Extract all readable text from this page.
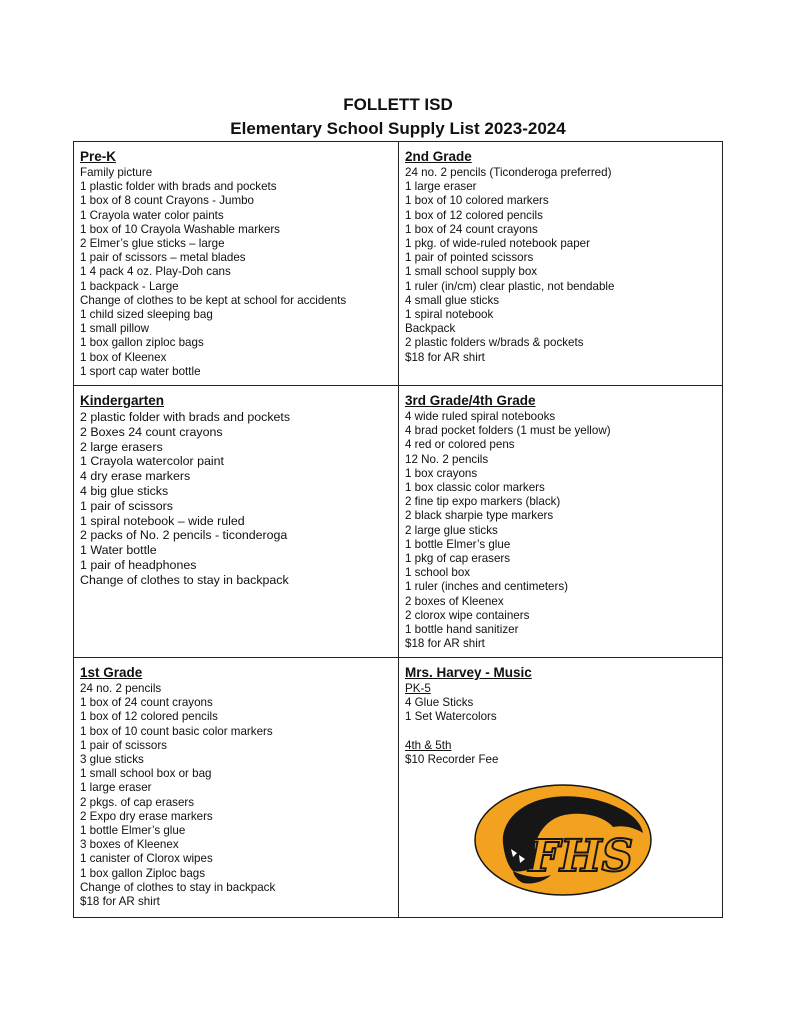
FOLLETT ISD
Elementary School Supply List 2023-2024
Pre-K
Family picture
1 plastic folder with brads and pockets
1 box of 8 count Crayons - Jumbo
1 Crayola water color paints
1 box of 10 Crayola Washable markers
2 Elmer’s glue sticks – large
1 pair of scissors – metal blades
1 4 pack 4 oz. Play-Doh cans
1 backpack - Large
Change of clothes to be kept at school for accidents
1 child sized sleeping bag
1 small pillow
1 box gallon ziploc bags
1 box of Kleenex
1 sport cap water bottle
2nd Grade
24 no. 2 pencils (Ticonderoga preferred)
1 large eraser
1 box of 10 colored markers
1 box of 12 colored pencils
1 box of 24 count crayons
1 pkg. of wide-ruled notebook paper
1 pair of pointed scissors
1 small school supply box
1 ruler (in/cm) clear plastic, not bendable
4 small glue sticks
1 spiral notebook
Backpack
2 plastic folders w/brads & pockets
$18 for AR shirt
Kindergarten
2 plastic folder with brads and pockets
2 Boxes 24 count crayons
2 large erasers
1 Crayola watercolor paint
4 dry erase markers
4 big glue sticks
1 pair of scissors
1 spiral notebook – wide ruled
2 packs of No. 2 pencils - ticonderoga
1 Water bottle
1 pair of headphones
Change of clothes to stay in backpack
3rd Grade/4th Grade
4 wide ruled spiral notebooks
4 brad pocket folders (1 must be yellow)
4 red or colored pens
12 No. 2 pencils
1 box crayons
1 box classic color markers
2 fine tip expo markers (black)
2 black sharpie type markers
2 large glue sticks
1 bottle Elmer’s glue
1 pkg of cap erasers
1 school box
1 ruler (inches and centimeters)
2 boxes of Kleenex
2 clorox wipe containers
1 bottle hand sanitizer
$18 for AR shirt
1st Grade
24 no. 2 pencils
1 box of 24 count crayons
1 box of 12 colored pencils
1 box of 10 count basic color markers
1 pair of scissors
3 glue sticks
1 small school box or bag
1 large eraser
2 pkgs. of cap erasers
2 Expo dry erase markers
1 bottle Elmer’s glue
3 boxes of Kleenex
1 canister of Clorox wipes
1 box gallon Ziploc bags
Change of clothes to stay in backpack
$18 for AR shirt
Mrs. Harvey - Music
PK-5
4 Glue Sticks
1 Set Watercolors
4th & 5th
$10 Recorder Fee
FHS
